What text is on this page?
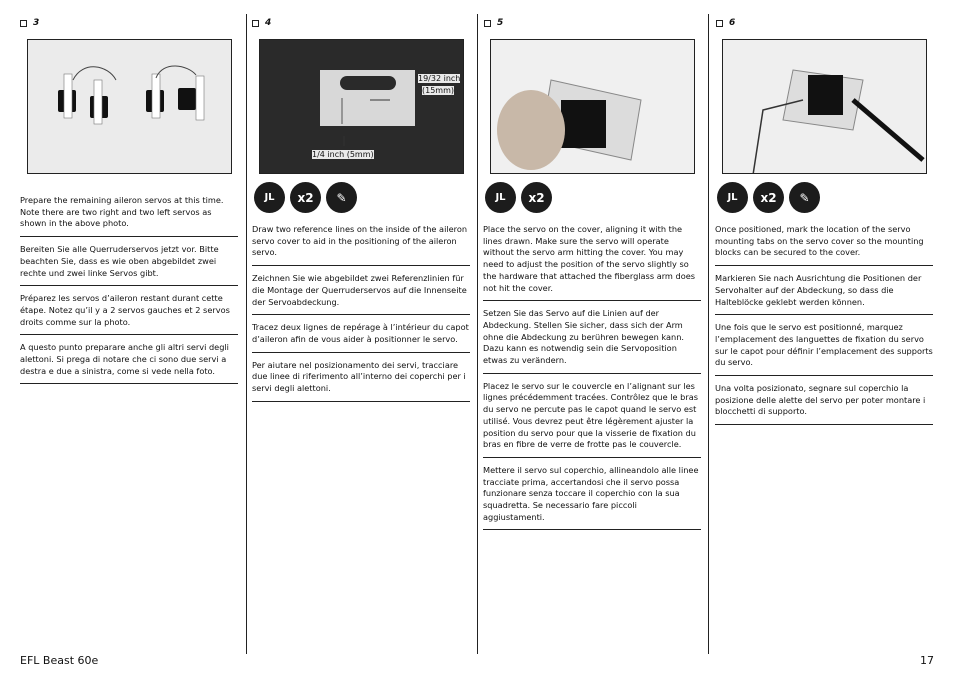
3

Prepare the remaining aileron servos at this time. Note there are two right and two left servos as shown in the above photo.

Bereiten Sie alle Querruderservos jetzt vor. Bitte beachten Sie, dass es wie oben abgebildet zwei rechte und zwei linke Servos gibt.

Préparez les servos d’aileron restant durant cette étape. Notez qu’il y a 2 servos gauches et 2 servos droits comme sur la photo.

A questo punto preparare anche gli altri servi degli alettoni. Si prega di notare che ci sono due servi a destra e due a sinistra, come si vede nella foto.

4
19/32 inch
(15mm)
1/4 inch (5mm)
JL	x2	✎

Draw two reference lines on the inside of the aileron servo cover to aid in the positioning of the aileron servo.

Zeichnen Sie wie abgebildet zwei Referenzlinien für die Montage der Querruderservos auf die Innenseite der Servoabdeckung.

Tracez deux lignes de repérage à l’intérieur du capot d’aileron afin de vous aider à positionner le servo.

Per aiutare nel posizionamento dei servi, tracciare due linee di riferimento all’interno dei coperchi per i servi degli alettoni.

5
JL	x2

Place the servo on the cover, aligning it with the lines drawn. Make sure the servo will operate without the servo arm hitting the cover. You may need to adjust the position of the servo slightly so the hardware that attached the fiberglass arm does not hit the cover.

Setzen Sie das Servo auf die Linien auf der Abdeckung. Stellen Sie sicher, dass sich der Arm ohne die Abdeckung zu berühren bewegen kann. Dazu kann es notwendig sein die Servoposition etwas zu verändern.

Placez le servo sur le couvercle en l’alignant sur les lignes précédemment tracées. Contrôlez que le bras du servo ne percute pas le capot quand le servo est utilisé. Vous devrez peut être légèrement ajuster la position du servo pour que la visserie de fixation du bras en fibre de verre de frotte pas le couvercle.

Mettere il servo sul coperchio, allineandolo alle linee tracciate prima, accertandosi che il servo possa funzionare senza toccare il coperchio con la sua squadretta. Se necessario fare piccoli aggiustamenti.

6
JL	x2	✎

Once positioned, mark the location of the servo mounting tabs on the servo cover so the mounting blocks can be secured to the cover.

Markieren Sie nach Ausrichtung die Positionen der Servohalter auf der Abdeckung, so dass die Halteblöcke geklebt werden können.

Une fois que le servo est positionné, marquez l’emplacement des languettes de fixation du servo sur le capot pour définir l’emplacement des supports du servo.

Una volta posizionato, segnare sul coperchio la posizione delle alette del servo per poter montare i blocchetti di supporto.

EFL Beast 60e	17
